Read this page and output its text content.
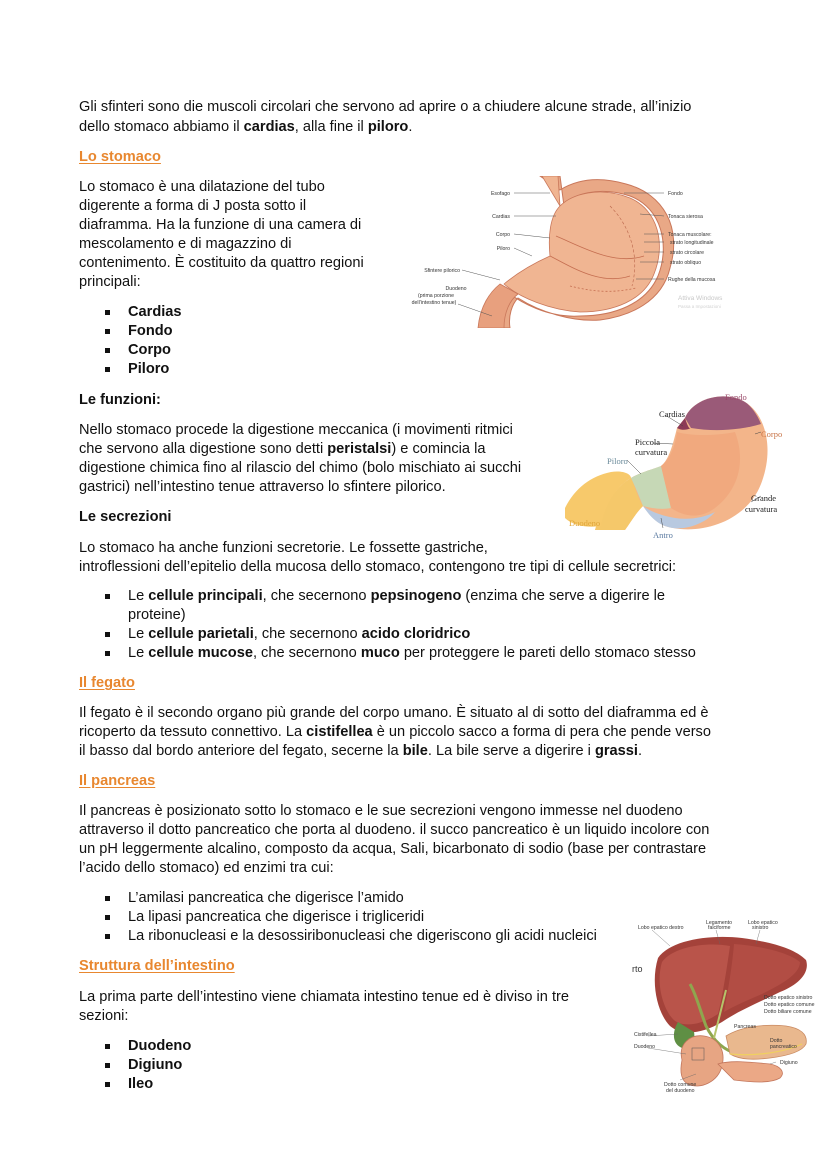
Gli sfinteri sono die muscoli circolari che servono ad aprire o a chiudere alcune strade, all’inizio

dello stomaco abbiamo il cardias, alla fine il piloro.

Lo stomaco

Lo stomaco è una dilatazione del tubo

digerente a forma di J posta sotto il

diaframma. Ha la funzione di una camera di

mescolamento e di magazzino di

contenimento. È costituito da quattro regioni

principali:

Cardias
Fondo
Corpo
Piloro
Esofago
Cardias
Corpo
Piloro
Sfintere pilorico
Duodeno
(prima porzione
dell’intestino tenue)
Fondo
Tonaca sierosa
Tonaca muscolare:
strato longitudinale
strato circolare
strato obliquo
Rughe della mucosa
Attiva Windows
Passa a Impostazioni
Le funzioni:

Nello stomaco procede la digestione meccanica (i movimenti ritmici

che servono alla digestione sono detti peristalsi) e comincia la

digestione chimica fino al rilascio del chimo (bolo mischiato ai succhi

gastrici) nell’intestino tenue attraverso lo sfintere pilorico.

Fondo
Cardias
Corpo
Piccola
curvatura
Piloro
Grande
curvatura
Duodeno
Antro
Le secrezioni

Lo stomaco ha anche funzioni secretorie. Le fossette gastriche,

introflessioni dell’epitelio della mucosa dello stomaco, contengono tre tipi di cellule secretrici:

Le cellule principali, che secernono pepsinogeno (enzima che serve a digerire le
proteine)
Le cellule parietali, che secernono acido cloridrico
Le cellule mucose, che secernono muco per proteggere le pareti dello stomaco stesso
Il fegato

Il fegato è il secondo organo più grande del corpo umano. È situato al di sotto del diaframma ed è

ricoperto da tessuto connettivo. La cistifellea è un piccolo sacco a forma di pera che pende verso

il basso dal bordo anteriore del fegato, secerne la bile. La bile serve a digerire i grassi.

Il pancreas

Il pancreas è posizionato sotto lo stomaco e le sue secrezioni vengono immesse nel duodeno

attraverso il dotto pancreatico che porta al duodeno. il succo pancreatico è un liquido incolore con

un pH leggermente alcalino, composto da acqua, Sali, bicarbonato di sodio (base per contrastare

l’acido dello stomaco) ed enzimi tra cui:

L’amilasi pancreatica che digerisce l’amido
La lipasi pancreatica che digerisce i trigliceridi
La ribonucleasi e la desossiribonucleasi che digeriscono gli acidi nucleici
Struttura dell’intestino

La prima parte dell’intestino viene chiamata intestino tenue ed è diviso in tre

sezioni:

Duodeno
Digiuno
Ileo
Lobo epatico destro
Legamento
falciforme
Lobo epatico
sinistro
rto
Dotto epatico sinistro
Dotto epatico comune
Dotto biliare comune
Pancreas
Cistifellea
Duodeno
Dotto
pancreatico
Digiuno
Dotto comune
del duodeno
